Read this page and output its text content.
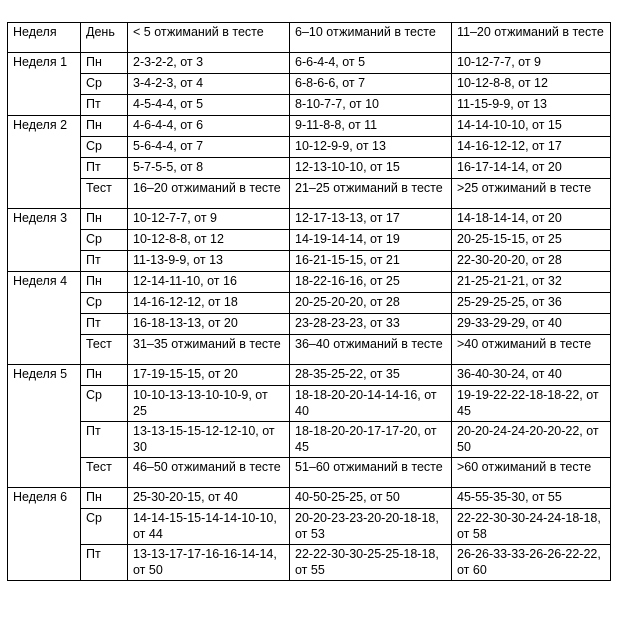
Неделя	День	< 5 отжиманий в тесте	6–10 отжиманий в тесте	11–20 отжиманий в тесте
Неделя 1	Пн	2-3-2-2, от 3	6-6-4-4, от 5	10-12-7-7, от 9
	Ср	3-4-2-3, от 4	6-8-6-6, от 7	10-12-8-8, от 12
	Пт	4-5-4-4, от 5	8-10-7-7, от 10	11-15-9-9, от 13
Неделя 2	Пн	4-6-4-4, от 6	9-11-8-8, от 11	14-14-10-10, от 15
	Ср	5-6-4-4, от 7	10-12-9-9, от 13	14-16-12-12, от 17
	Пт	5-7-5-5, от 8	12-13-10-10, от 15	16-17-14-14, от 20
	Тест	16–20 отжиманий в тесте	21–25 отжиманий в тесте	>25 отжиманий в тесте
Неделя 3	Пн	10-12-7-7, от 9	12-17-13-13, от 17	14-18-14-14, от 20
	Ср	10-12-8-8, от 12	14-19-14-14, от 19	20-25-15-15, от 25
	Пт	11-13-9-9, от 13	16-21-15-15, от 21	22-30-20-20, от 28
Неделя 4	Пн	12-14-11-10, от 16	18-22-16-16, от 25	21-25-21-21, от 32
	Ср	14-16-12-12, от 18	20-25-20-20, от 28	25-29-25-25, от 36
	Пт	16-18-13-13, от 20	23-28-23-23, от 33	29-33-29-29, от 40
	Тест	31–35 отжиманий в тесте	36–40 отжиманий в тесте	>40 отжиманий в тесте
Неделя 5	Пн	17-19-15-15, от 20	28-35-25-22, от 35	36-40-30-24, от 40
	Ср	10-10-13-13-10-10-9, от 25	18-18-20-20-14-14-16, от 40	19-19-22-22-18-18-22, от 45
	Пт	13-13-15-15-12-12-10, от 30	18-18-20-20-17-17-20, от 45	20-20-24-24-20-20-22, от 50
	Тест	46–50 отжиманий в тесте	51–60 отжиманий в тесте	>60 отжиманий в тесте
Неделя 6	Пн	25-30-20-15, от 40	40-50-25-25, от 50	45-55-35-30, от 55
	Ср	14-14-15-15-14-14-10-10, от 44	20-20-23-23-20-20-18-18, от 53	22-22-30-30-24-24-18-18, от 58
	Пт	13-13-17-17-16-16-14-14, от 50	22-22-30-30-25-25-18-18, от 55	26-26-33-33-26-26-22-22, от 60
